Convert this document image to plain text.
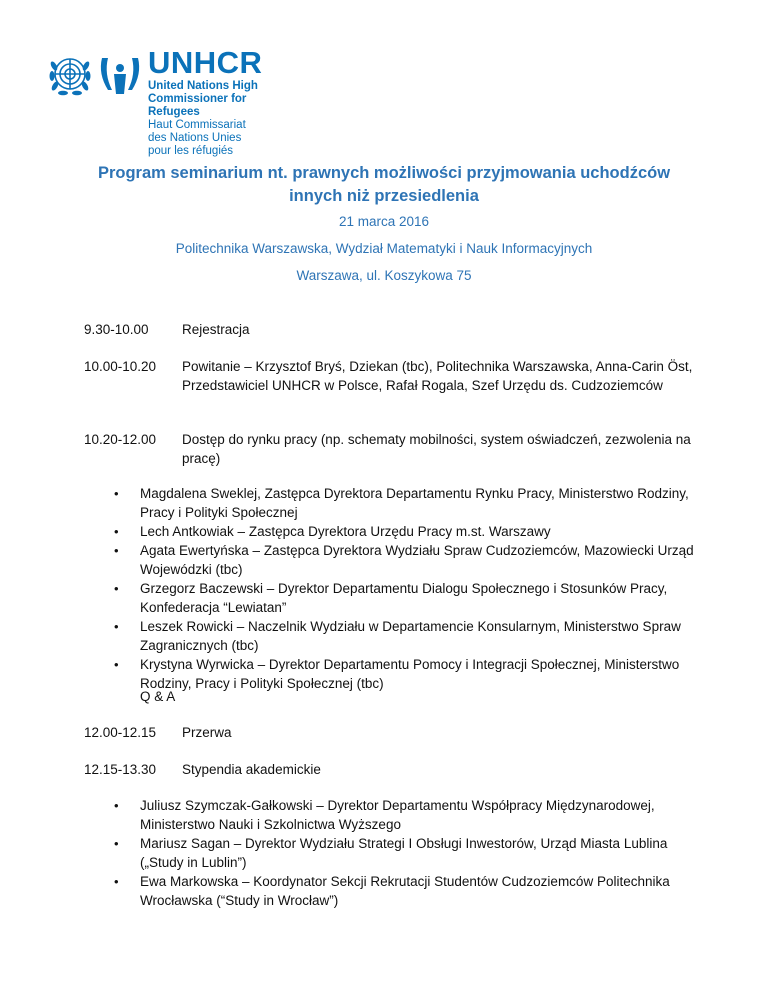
UNHCR
United Nations High Commissioner for Refugees
Haut Commissariat des Nations Unies pour les réfugiés
Program seminarium nt. prawnych możliwości przyjmowania uchodźców
innych niż przesiedlenia
21 marca 2016
Politechnika Warszawska, Wydział Matematyki i Nauk Informacyjnych
Warszawa, ul. Koszykowa 75
9.30-10.00	Rejestracja
10.00-10.20	Powitanie – Krzysztof Bryś, Dziekan (tbc), Politechnika Warszawska, Anna-Carin Öst, Przedstawiciel UNHCR w Polsce, Rafał Rogala, Szef Urzędu ds. Cudzoziemców
10.20-12.00	Dostęp do rynku pracy (np. schematy mobilności, system oświadczeń, zezwolenia na pracę)
• Magdalena Sweklej, Zastępca Dyrektora Departamentu Rynku Pracy, Ministerstwo Rodziny, Pracy i Polityki Społecznej
• Lech Antkowiak – Zastępca Dyrektora Urzędu Pracy m.st. Warszawy
• Agata Ewertyńska – Zastępca Dyrektora Wydziału Spraw Cudzoziemców, Mazowiecki Urząd Wojewódzki (tbc)
• Grzegorz Baczewski – Dyrektor Departamentu Dialogu Społecznego i Stosunków Pracy, Konfederacja “Lewiatan”
• Leszek Rowicki – Naczelnik Wydziału w Departamencie Konsularnym, Ministerstwo Spraw Zagranicznych (tbc)
• Krystyna Wyrwicka – Dyrektor Departamentu Pomocy i Integracji Społecznej, Ministerstwo Rodziny, Pracy i Polityki Społecznej (tbc)
Q & A
12.00-12.15	Przerwa
12.15-13.30	Stypendia akademickie
• Juliusz Szymczak-Gałkowski – Dyrektor Departamentu Współpracy Międzynarodowej, Ministerstwo Nauki i Szkolnictwa Wyższego
• Mariusz Sagan – Dyrektor Wydziału Strategi I Obsługi Inwestorów, Urząd Miasta Lublina („Study in Lublin”)
• Ewa Markowska – Koordynator Sekcji Rekrutacji Studentów Cudzoziemców Politechnika Wrocławska (“Study in Wrocław”)
